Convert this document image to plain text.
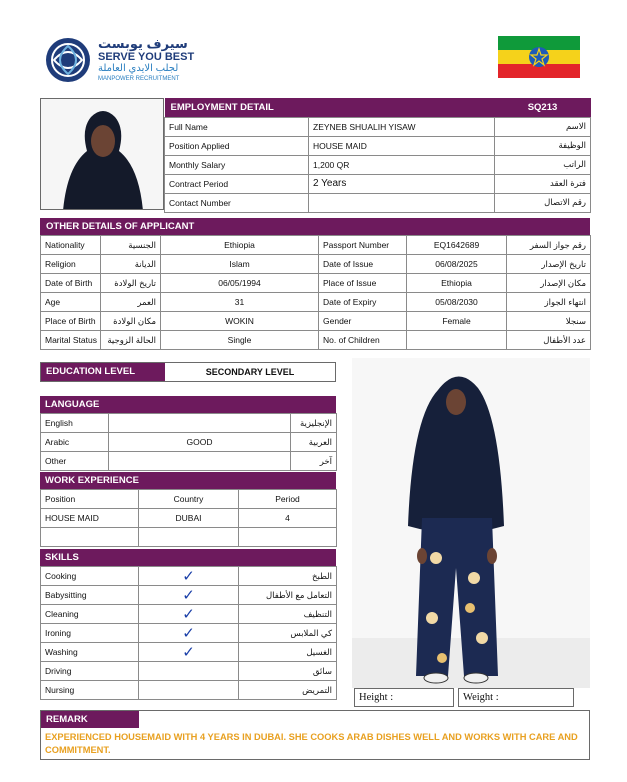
سيرف يوبست
SERVE YOU BEST
لجلب الايدي العاملة
MANPOWER RECRUITMENT
EMPLOYMENT DETAIL		SQ213
Full Name	ZEYNEB SHUALIH YISAW	الاسم
Position Applied	HOUSE MAID	الوظيفة
Monthly Salary	1,200 QR	الراتب
Contract Period	2 Years	فترة العقد
Contact Number		رقم الاتصال
OTHER DETAILS OF APPLICANT
Nationality	الجنسية	Ethiopia	Passport Number	EQ1642689	رقم جواز السفر
Religion	الديانة	Islam	Date of Issue	06/08/2025	تاريخ الإصدار
Date of Birth	تاريخ الولادة	06/05/1994	Place of Issue	Ethiopia	مكان الإصدار
Age	العمر	31	Date of Expiry	05/08/2030	انتهاء الجواز
Place of Birth	مكان الولادة	WOKIN	Gender	Female	سنجلا
Marital Status	الحالة الزوجية	Single	No. of Children		عدد الأطفال
EDUCATION LEVEL	SECONDARY LEVEL
LANGUAGE
English		الإنجليزية
Arabic	GOOD	العربية
Other		آخر
WORK EXPERIENCE
Position	Country	Period
HOUSE MAID	DUBAI	4

SKILLS
Cooking	✓	الطبخ
Babysitting	✓	التعامل مع الأطفال
Cleaning	✓	التنظيف
Ironing	✓	كي الملابس
Washing	✓	الغسيل
Driving		سائق
Nursing		التمريض
Height :	Weight :
REMARK
EXPERIENCED HOUSEMAID WITH 4 YEARS IN DUBAI. SHE COOKS ARAB DISHES WELL AND WORKS WITH CARE AND COMMITMENT.
